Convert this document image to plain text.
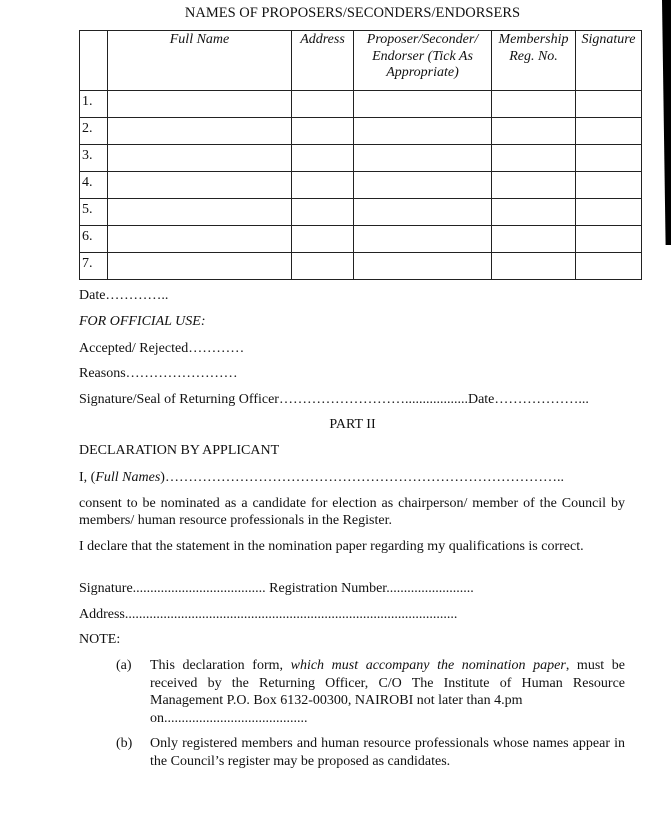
NAMES OF PROPOSERS/SECONDERS/ENDORSERS
	Full Name	Address	Proposer/Seconder/ Endorser (Tick As Appropriate)	Membership Reg. No.	Signature
1.					
2.					
3.					
4.					
5.					
6.					
7.					
Date…………..
FOR OFFICIAL USE:
Accepted/ Rejected…………
Reasons……………………
Signature/Seal of Returning Officer………………………..................Date………………...
PART II
DECLARATION BY APPLICANT
I, (Full Names)…………………………………………………………………………..
consent to be nominated as a candidate for election as chairperson/ member of the Council by members/ human resource professionals in the Register.
I declare that the statement in the nomination paper regarding my qualifications is correct.
Signature...................................... Registration Number.........................
Address...............................................................................................
NOTE:
(a) This declaration form, which must accompany the nomination paper, must be received by the Returning Officer, C/O The Institute of Human Resource Management P.O. Box 6132-00300, NAIROBI not later than 4.pm
on.........................................
(b) Only registered members and human resource professionals whose names appear in the Council’s register may be proposed as candidates.
